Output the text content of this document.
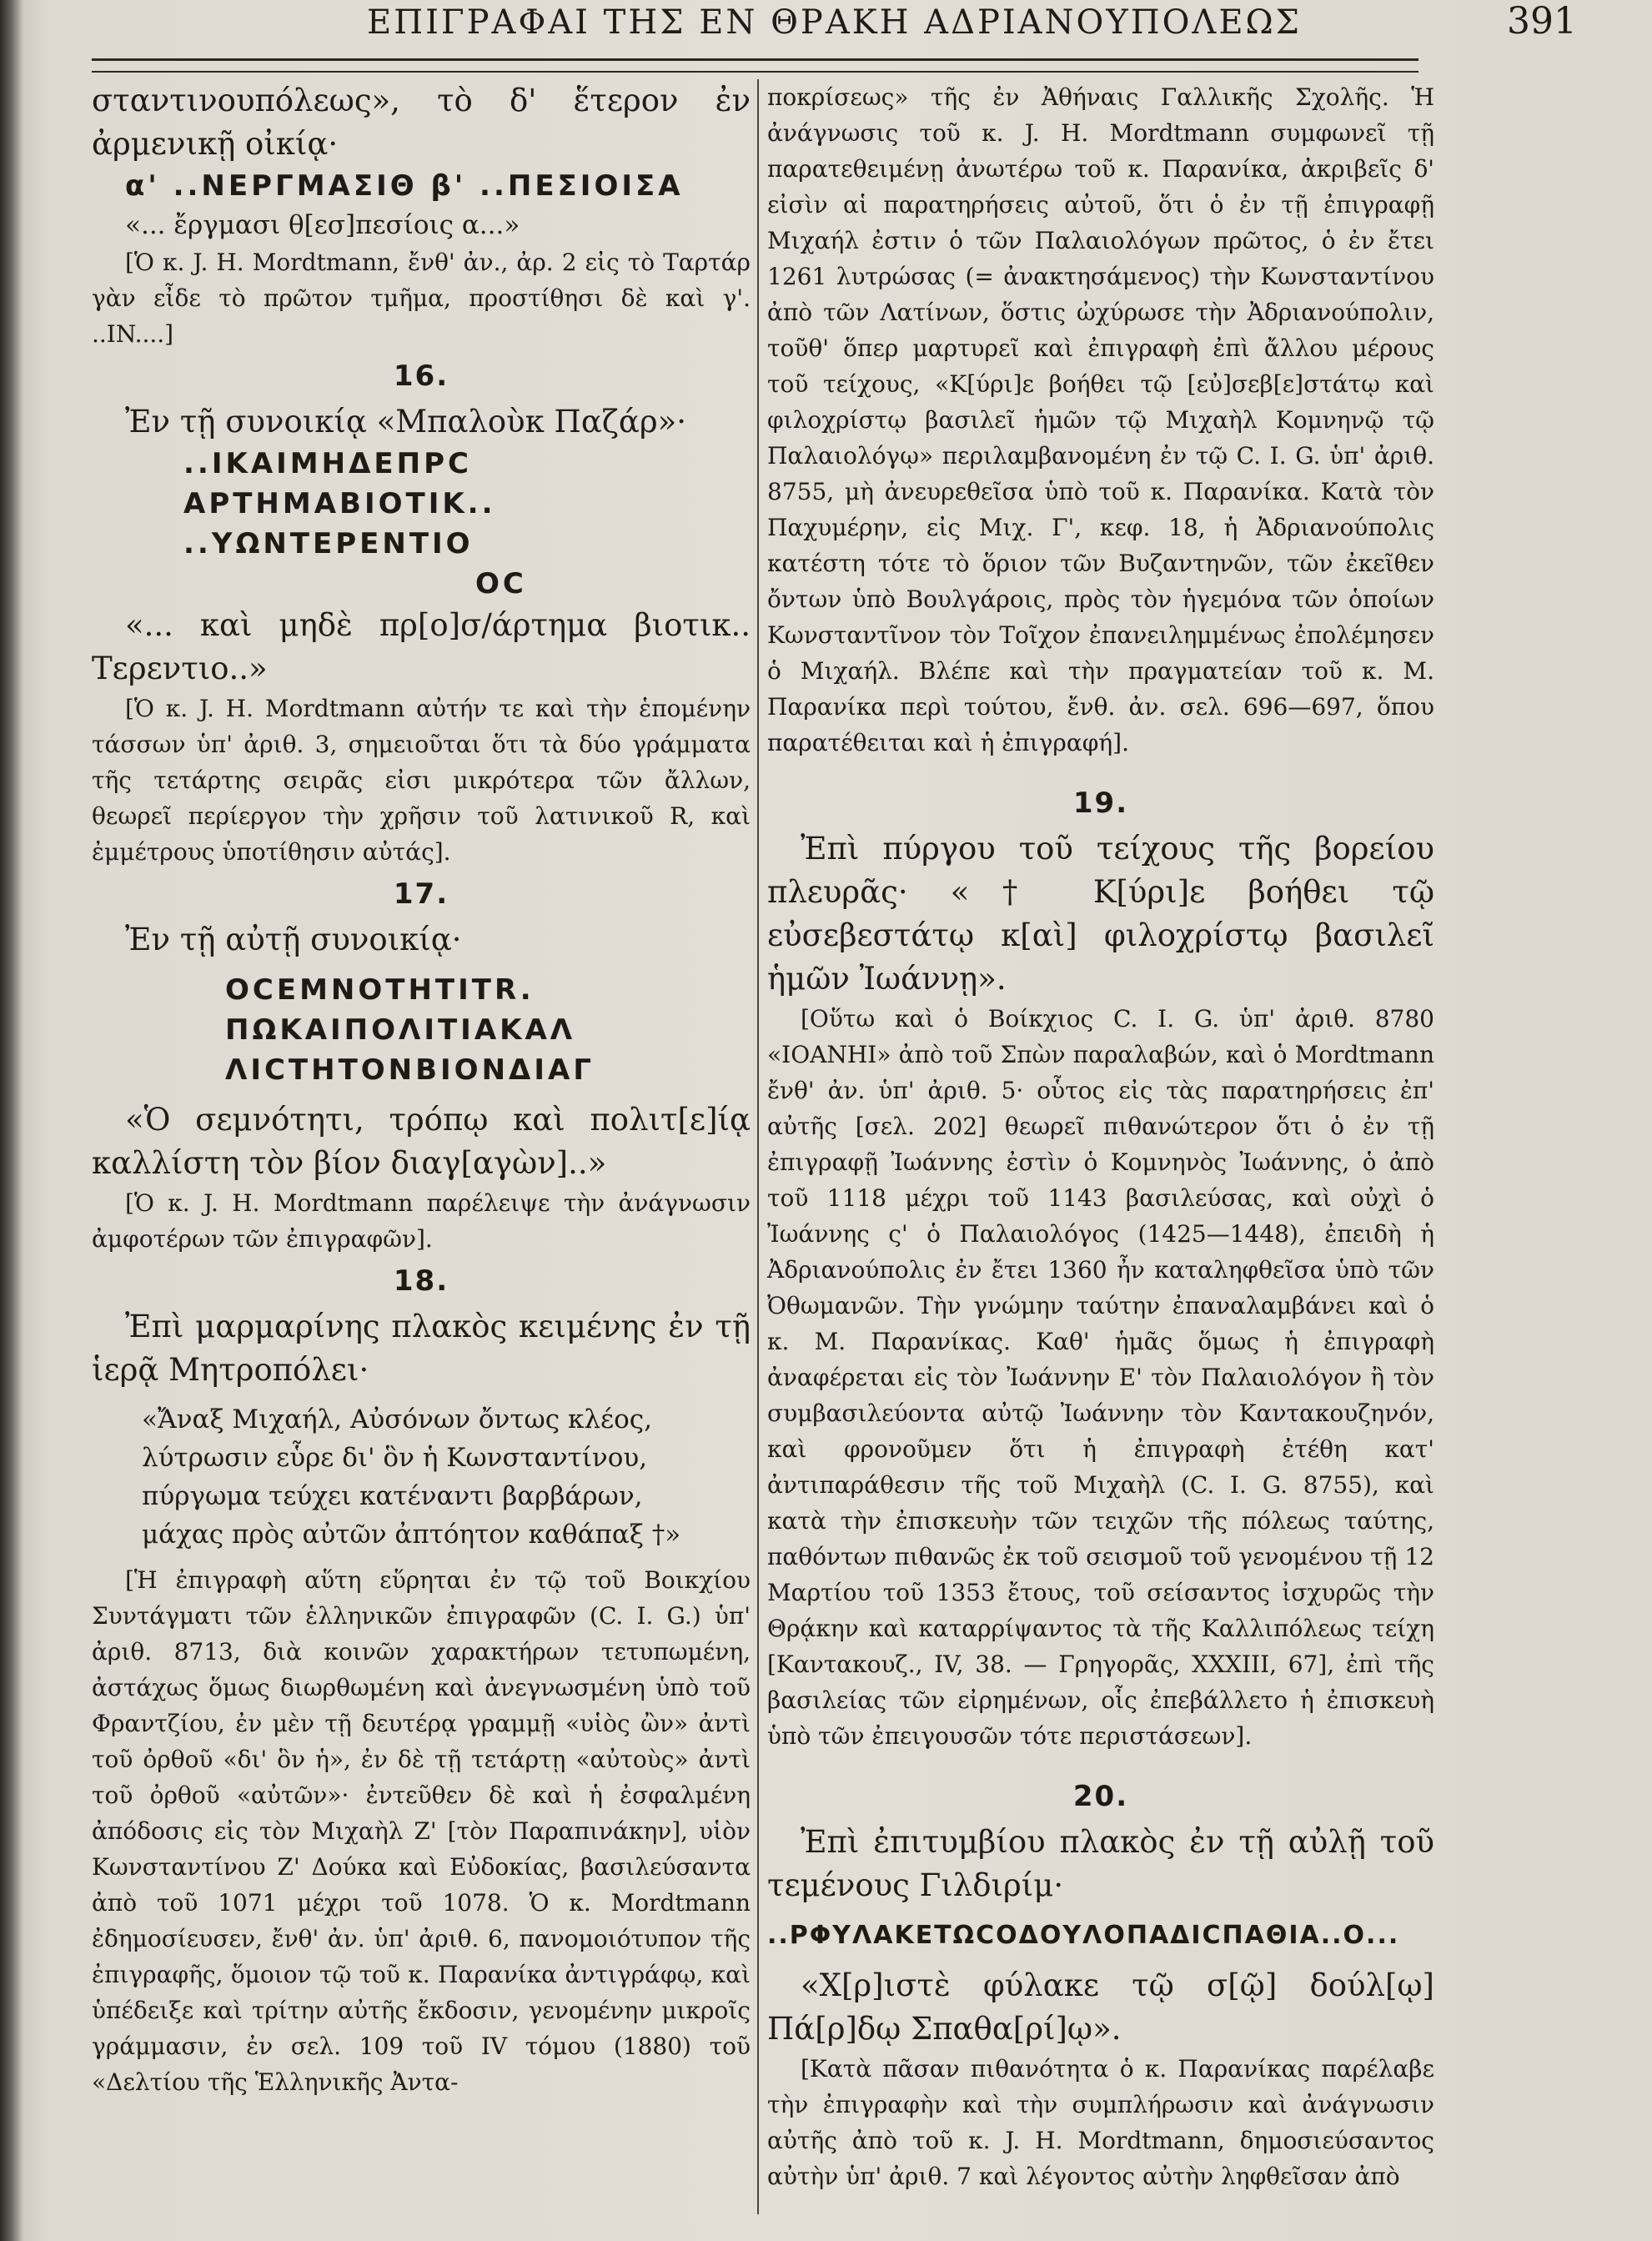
ΕΠΙΓΡΑΦΑΙ ΤΗΣ ΕΝ ΘΡΑΚΗ ΑΔΡΙΑΝΟΥΠΟΛΕΩΣ	391

σταντινουπόλεως», τὸ δ' ἕτερον ἐν ἀρμενικῇ οἰκίᾳ·

α' ..ΝΕΡΓΜΑΣΙΘ β' ..ΠΕΣΙΟΙΣΑ

«... ἔργμασι θ[εσ]πεσίοις α...»

[Ὁ κ. J. H. Mordtmann, ἔνθ' ἀν., ἀρ. 2 εἰς τὸ Ταρτάρ γὰν εἶδε τὸ πρῶτον τμῆμα, προστίθησι δὲ καὶ γ'. ..IN....]

16.

Ἐν τῇ συνοικίᾳ «Μπαλοὺκ Παζάρ»·

..ΙΚΑΙΜΗΔΕΠΡC
ΑΡΤΗΜΑΒΙΟΤΙΚ..
..ΥΩΝΤΕΡΕΝΤΙΟ
ΟC

«... καὶ μηδὲ πρ[ο]σ/άρτημα βιοτικ.. Τερεντιο..»

[Ὁ κ. J. H. Mordtmann αὐτήν τε καὶ τὴν ἑπομένην τάσσων ὑπ' ἀριθ. 3, σημειοῦται ὅτι τὰ δύο γράμματα τῆς τετάρτης σειρᾶς εἰσι μικρότερα τῶν ἄλλων, θεωρεῖ περίεργον τὴν χρῆσιν τοῦ λατινικοῦ R, καὶ ἐμμέτρους ὑποτίθησιν αὐτάς].

17.

Ἐν τῇ αὐτῇ συνοικίᾳ·

ΟCΕΜΝΟΤΗΤΙΤR.
ΠΩΚΑΙΠΟΛΙΤΙΑΚΑΛ
ΛΙCΤΗΤΟΝΒΙΟΝΔΙΑΓ

«Ὁ σεμνότητι, τρόπῳ καὶ πολιτ[ε]ίᾳ καλλίστη τὸν βίον διαγ[αγὼν]..»

[Ὁ κ. J. H. Mordtmann παρέλειψε τὴν ἀνάγνωσιν ἀμφοτέρων τῶν ἐπιγραφῶν].

18.

Ἐπὶ μαρμαρίνης πλακὸς κειμένης ἐν τῇ ἱερᾷ Μητροπόλει·

«Ἄναξ Μιχαήλ, Αὐσόνων ὄντως κλέος,
λύτρωσιν εὗρε δι' ὃν ἡ Κωνσταντίνου,
πύργωμα τεύχει κατέναντι βαρβάρων,
μάχας πρὸς αὐτῶν ἀπτόητον καθάπαξ †»

[Ἡ ἐπιγραφὴ αὕτη εὕρηται ἐν τῷ τοῦ Βοικχίου Συντάγματι τῶν ἑλληνικῶν ἐπιγραφῶν (C. I. G.) ὑπ' ἀριθ. 8713, διὰ κοινῶν χαρακτήρων τετυπωμένη, ἀστάχως ὅμως διωρθωμένη καὶ ἀνεγνωσμένη ὑπὸ τοῦ Φραντζίου, ἐν μὲν τῇ δευτέρᾳ γραμμῇ «υἱὸς ὢν» ἀντὶ τοῦ ὀρθοῦ «δι' ὃν ἡ», ἐν δὲ τῇ τετάρτῃ «αὐτοὺς» ἀντὶ τοῦ ὀρθοῦ «αὐτῶν»· ἐντεῦθεν δὲ καὶ ἡ ἐσφαλμένη ἀπόδοσις εἰς τὸν Μιχαὴλ Ζ' [τὸν Παραπινάκην], υἱὸν Κωνσταντίνου Ζ' Δούκα καὶ Εὐδοκίας, βασιλεύσαντα ἀπὸ τοῦ 1071 μέχρι τοῦ 1078. Ὁ κ. Mordtmann ἐδημοσίευσεν, ἔνθ' ἀν. ὑπ' ἀριθ. 6, πανομοιότυπον τῆς ἐπιγραφῆς, ὅμοιον τῷ τοῦ κ. Παρανίκα ἀντιγράφῳ, καὶ ὑπέδειξε καὶ τρίτην αὐτῆς ἔκδοσιν, γενομένην μικροῖς γράμμασιν, ἐν σελ. 109 τοῦ IV τόμου (1880) τοῦ «Δελτίου τῆς Ἑλληνικῆς Ἀντα-

ποκρίσεως» τῆς ἐν Ἀθήναις Γαλλικῆς Σχολῆς. Ἡ ἀνάγνωσις τοῦ κ. J. H. Mordtmann συμφωνεῖ τῇ παρατεθειμένῃ ἀνωτέρω τοῦ κ. Παρανίκα, ἀκριβεῖς δ' εἰσὶν αἱ παρατηρήσεις αὐτοῦ, ὅτι ὁ ἐν τῇ ἐπιγραφῇ Μιχαήλ ἐστιν ὁ τῶν Παλαιολόγων πρῶτος, ὁ ἐν ἔτει 1261 λυτρώσας (= ἀνακτησάμενος) τὴν Κωνσταντίνου ἀπὸ τῶν Λατίνων, ὅστις ὠχύρωσε τὴν Ἀδριανούπολιν, τοῦθ' ὅπερ μαρτυρεῖ καὶ ἐπιγραφὴ ἐπὶ ἄλλου μέρους τοῦ τείχους, «Κ[ύρι]ε βοήθει τῷ [εὐ]σεβ[ε]στάτῳ καὶ φιλοχρίστῳ βασιλεῖ ἡμῶν τῷ Μιχαὴλ Κομνηνῷ τῷ Παλαιολόγῳ» περιλαμβανομένη ἐν τῷ C. I. G. ὑπ' ἀριθ. 8755, μὴ ἀνευρεθεῖσα ὑπὸ τοῦ κ. Παρανίκα. Κατὰ τὸν Παχυμέρην, εἰς Μιχ. Γ', κεφ. 18, ἡ Ἀδριανούπολις κατέστη τότε τὸ ὅριον τῶν Βυζαντηνῶν, τῶν ἐκεῖθεν ὄντων ὑπὸ Βουλγάροις, πρὸς τὸν ἡγεμόνα τῶν ὁποίων Κωνσταντῖνον τὸν Τοῖχον ἐπανειλημμένως ἐπολέμησεν ὁ Μιχαήλ. Βλέπε καὶ τὴν πραγματείαν τοῦ κ. Μ. Παρανίκα περὶ τούτου, ἔνθ. ἀν. σελ. 696—697, ὅπου παρατέθειται καὶ ἡ ἐπιγραφή].

19.

Ἐπὶ πύργου τοῦ τείχους τῆς βορείου πλευρᾶς· «† Κ[ύρι]ε βοήθει τῷ εὐσεβεστάτῳ κ[αὶ] φιλοχρίστῳ βασιλεῖ ἡμῶν Ἰωάννῃ».

[Οὕτω καὶ ὁ Βοίκχιος C. I. G. ὑπ' ἀριθ. 8780 «ΙΟΑΝΗΙ» ἀπὸ τοῦ Σπὼν παραλαβών, καὶ ὁ Mordtmann ἔνθ' ἀν. ὑπ' ἀριθ. 5· οὗτος εἰς τὰς παρατηρήσεις ἐπ' αὐτῆς [σελ. 202] θεωρεῖ πιθανώτερον ὅτι ὁ ἐν τῇ ἐπιγραφῇ Ἰωάννης ἐστὶν ὁ Κομνηνὸς Ἰωάννης, ὁ ἀπὸ τοῦ 1118 μέχρι τοῦ 1143 βασιλεύσας, καὶ οὐχὶ ὁ Ἰωάννης ς' ὁ Παλαιολόγος (1425—1448), ἐπειδὴ ἡ Ἀδριανούπολις ἐν ἔτει 1360 ἦν καταληφθεῖσα ὑπὸ τῶν Ὀθωμανῶν. Τὴν γνώμην ταύτην ἐπαναλαμβάνει καὶ ὁ κ. Μ. Παρανίκας. Καθ' ἡμᾶς ὅμως ἡ ἐπιγραφὴ ἀναφέρεται εἰς τὸν Ἰωάννην Ε' τὸν Παλαιολόγον ἢ τὸν συμβασιλεύοντα αὐτῷ Ἰωάννην τὸν Καντακουζηνόν, καὶ φρονοῦμεν ὅτι ἡ ἐπιγραφὴ ἐτέθη κατ' ἀντιπαράθεσιν τῆς τοῦ Μιχαὴλ (C. I. G. 8755), καὶ κατὰ τὴν ἐπισκευὴν τῶν τειχῶν τῆς πόλεως ταύτης, παθόντων πιθανῶς ἐκ τοῦ σεισμοῦ τοῦ γενομένου τῇ 12 Μαρτίου τοῦ 1353 ἔτους, τοῦ σείσαντος ἰσχυρῶς τὴν Θρᾴκην καὶ καταρρίψαντος τὰ τῆς Καλλιπόλεως τείχη [Καντακουζ., IV, 38. — Γρηγορᾶς, XXXIII, 67], ἐπὶ τῆς βασιλείας τῶν εἰρημένων, οἷς ἐπεβάλλετο ἡ ἐπισκευὴ ὑπὸ τῶν ἐπειγουσῶν τότε περιστάσεων].

20.

Ἐπὶ ἐπιτυμβίου πλακὸς ἐν τῇ αὐλῇ τοῦ τεμένους Γιλδιρίμ·

..ΡΦΥΛΑΚΕΤΩCΟΔΟΥΛΟΠΑΔΙCΠΑΘΙΑ..Ο...

«Χ[ρ]ιστὲ φύλακε τῷ σ[ῷ] δούλ[ῳ] Πά[ρ]δῳ Σπαθα[ρί]ῳ».

[Κατὰ πᾶσαν πιθανότητα ὁ κ. Παρανίκας παρέλαβε τὴν ἐπιγραφὴν καὶ τὴν συμπλήρωσιν καὶ ἀνάγνωσιν αὐτῆς ἀπὸ τοῦ κ. J. H. Mordtmann, δημοσιεύσαντος αὐτὴν ὑπ' ἀριθ. 7 καὶ λέγοντος αὐτὴν ληφθεῖσαν ἀπὸ
